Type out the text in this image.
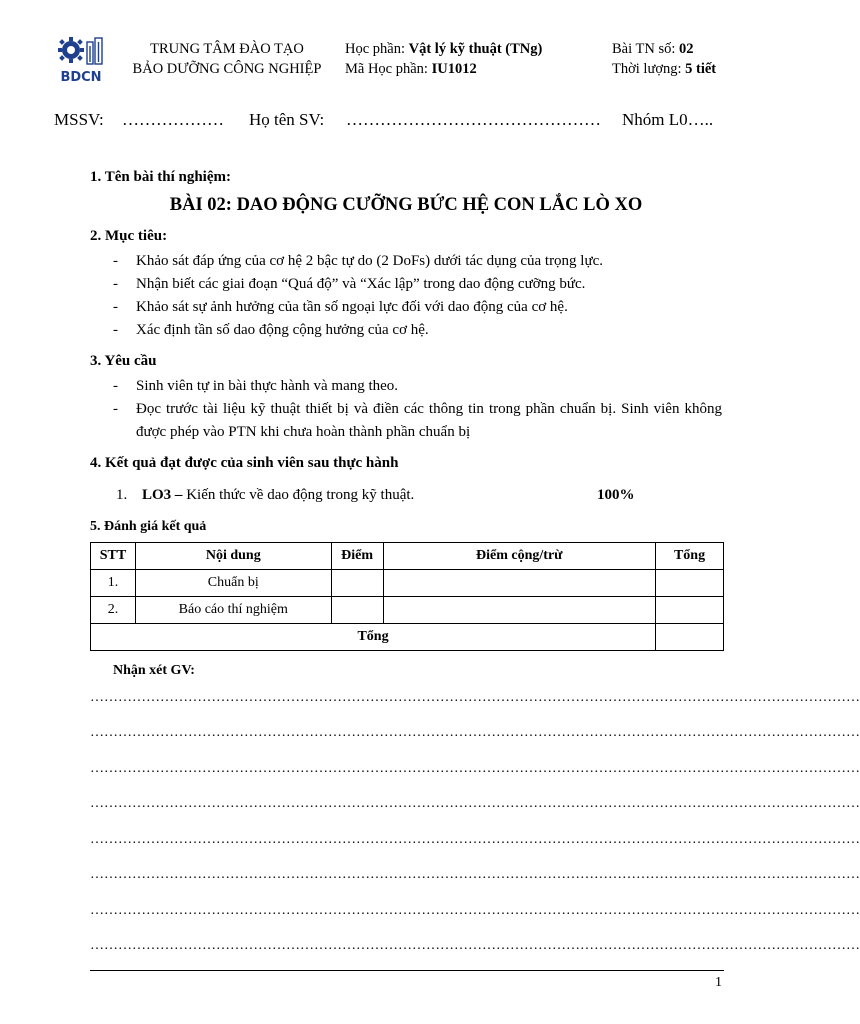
BDCN
TRUNG TÂM ĐÀO TẠO
BẢO DƯỠNG CÔNG NGHIỆP
Học phần: Vật lý kỹ thuật (TNg)
Mã Học phần: IU1012
Bài TN số: 02
Thời lượng: 5 tiết
MSSV: ……………… Họ tên SV: ……………………………………… Nhóm L0…..
1. Tên bài thí nghiệm:
BÀI 02: DAO ĐỘNG CƯỠNG BỨC HỆ CON LẮC LÒ XO
2. Mục tiêu:
- Khảo sát đáp ứng của cơ hệ 2 bậc tự do (2 DoFs) dưới tác dụng của trọng lực.
- Nhận biết các giai đoạn “Quá độ” và “Xác lập” trong dao động cưỡng bức.
- Khảo sát sự ảnh hưởng của tần số ngoại lực đối với dao động của cơ hệ.
- Xác định tần số dao động cộng hưởng của cơ hệ.
3. Yêu cầu
- Sinh viên tự in bài thực hành và mang theo.
- Đọc trước tài liệu kỹ thuật thiết bị và điền các thông tin trong phần chuẩn bị. Sinh viên không được phép vào PTN khi chưa hoàn thành phần chuẩn bị
4. Kết quả đạt được của sinh viên sau thực hành
1. LO3 – Kiến thức về dao động trong kỹ thuật.	100%
5. Đánh giá kết quả
STT	Nội dung	Điểm	Điểm cộng/trừ	Tổng
1.	Chuẩn bị			
2.	Báo cáo thí nghiệm			
Tổng				
Nhận xét GV:
…………………………………………………………………………………………………………………………………………………
…………………………………………………………………………………………………………………………………………………
…………………………………………………………………………………………………………………………………………………
…………………………………………………………………………………………………………………………………………………
…………………………………………………………………………………………………………………………………………………
…………………………………………………………………………………………………………………………………………………
…………………………………………………………………………………………………………………………………………………
…………………………………………………………………………………………………………………………………………………
1
